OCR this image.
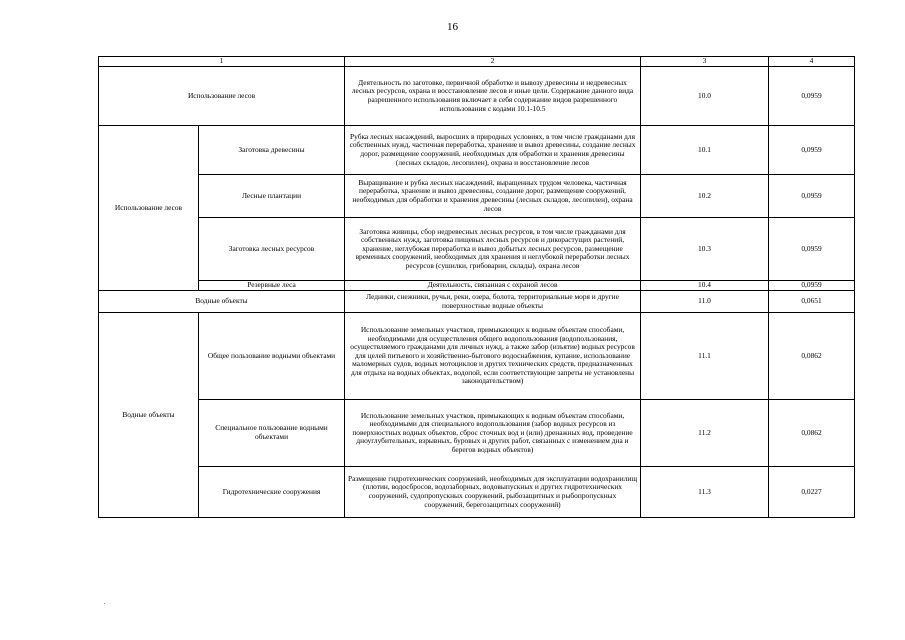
16
1		2	3	4
Использование лесов		Деятельность по заготовке, первичной обработке и вывозу древесины и недревесных лесных ресурсов, охрана и восстановление лесов и иные цели. Содержание данного вида разрешенного использования включает в себя содержание видов разрешенного использования с кодами 10.1-10.5	10.0	0,0959
Использование лесов	Заготовка древесины	Рубка лесных насаждений, выросших в природных условиях, в том числе гражданами для собственных нужд, частичная переработка, хранение и вывоз древесины, создание лесных дорог, размещение сооружений, необходимых для обработки и хранения древесины (лесных складов, лесопилен), охрана и восстановление лесов	10.1	0,0959
	Лесные плантации	Выращивание и рубка лесных насаждений, выращенных трудом человека, частичная переработка, хранение и вывоз древесины, создание дорог, размещение сооружений, необходимых для обработки и хранения древесины (лесных складов, лесопилен), охрана лесов	10.2	0,0959
	Заготовка лесных ресурсов	Заготовка живицы, сбор недревесных лесных ресурсов, в том числе гражданами для собственных нужд, заготовка пищевых лесных ресурсов и дикорастущих растений, хранение, неглубокая переработка и вывоз добытых лесных ресурсов, размещение временных сооружений, необходимых для хранения и неглубокой переработки лесных ресурсов (сушилки, грибоварни, склады), охрана лесов	10.3	0,0959
	Резервные леса	Деятельность, связанная с охраной лесов	10.4	0,0959
Водные объекты		Ледники, снежники, ручьи, реки, озера, болота, территориальные моря и другие поверхностные водные объекты	11.0	0,0651
Водные объекты	Общее пользование водными объектами	Использование земельных участков, примыкающих к водным объектам способами, необходимыми для осуществления общего водопользования (водопользования, осуществляемого гражданами для личных нужд, а также забор (изъятие) водных ресурсов для целей питьевого и хозяйственно-бытового водоснабжения, купание, использование маломерных судов, водных мотоциклов и других технических средств, предназначенных для отдыха на водных объектах, водопой, если соответствующие запреты не установлены законодательством)	11.1	0,0862
	Специальное пользование водными объектами	Использование земельных участков, примыкающих к водным объектам способами, необходимыми для специального водопользования (забор водных ресурсов из поверхностных водных объектов, сброс сточных вод и (или) дренажных вод, проведение дноуглубительных, взрывных, буровых и других работ, связанных с изменением дна и берегов водных объектов)	11.2	0,0862
	Гидротехнические сооружения	Размещение гидротехнических сооружений, необходимых для эксплуатации водохранилищ (плотин, водосбросов, водозаборных, водовыпускных и других гидротехнических сооружений, судопропускных сооружений, рыбозащитных и рыбопропускных сооружений, берегозащитных сооружений)	11.3	0,0227
